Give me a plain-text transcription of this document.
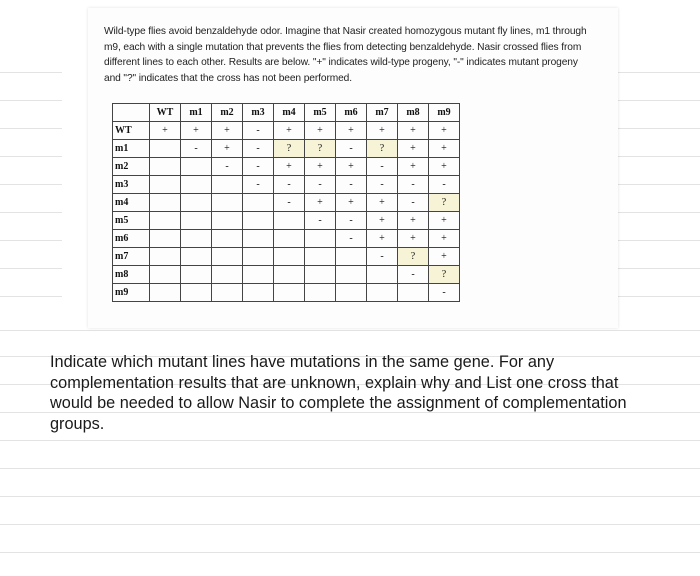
Wild-type flies avoid benzaldehyde odor. Imagine that Nasir created homozygous mutant fly lines, m1 through m9, each with a single mutation that prevents the flies from detecting benzaldehyde. Nasir crossed flies from different lines to each other. Results are below. "+" indicates wild-type progeny, "-" indicates mutant progeny and "?" indicates that the cross has not been performed.
	WT	m1	m2	m3	m4	m5	m6	m7	m8	m9
WT	+	+	+	-	+	+	+	+	+	+
m1		-	+	-	?	?	-	?	+	+
m2			-	-	+	+	+	-	+	+
m3				-	-	-	-	-	-	-
m4					-	+	+	+	-	?
m5						-	-	+	+	+
m6							-	+	+	+
m7								-	?	+
m8									-	?
m9										-
Indicate which mutant lines have mutations in the same gene. For any complementation results that are unknown, explain why and List one cross that would be needed to allow Nasir to complete the assignment of complementation groups.
